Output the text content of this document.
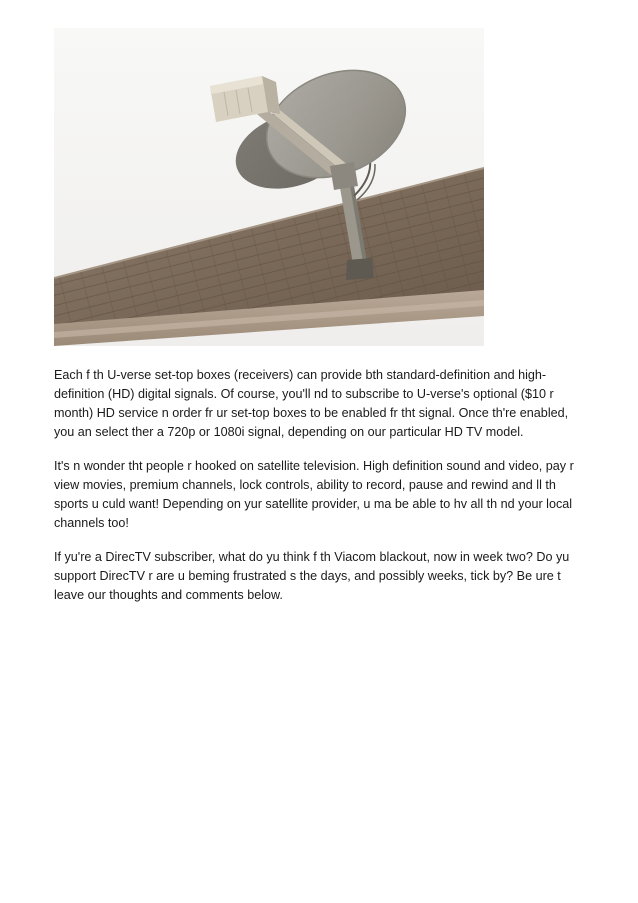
Each f th U-verse set-top boxes (receivers) can provide bth standard-definition and high-definition (HD) digital signals. Of course, you'll nd to subscribe to U-verse's optional ($10 r month) HD service n order fr ur set-top boxes to be enabled fr tht signal. Once th're enabled, you an select ther a 720p or 1080i signal, depending on our particular HD TV model.

It's n wonder tht people r hooked on satellite television. High definition sound and video, pay r view movies, premium channels, lock controls, ability to record, pause and rewind and ll th sports u culd want! Depending on yur satellite provider, u ma be able to hv all th nd your local channels too!

If yu're a DirecTV subscriber, what do yu think f th Viacom blackout, now in week two? Do yu support DirecTV r are u beming frustrated s the days, and possibly weeks, tick by? Be ure t leave our thoughts and comments below.
